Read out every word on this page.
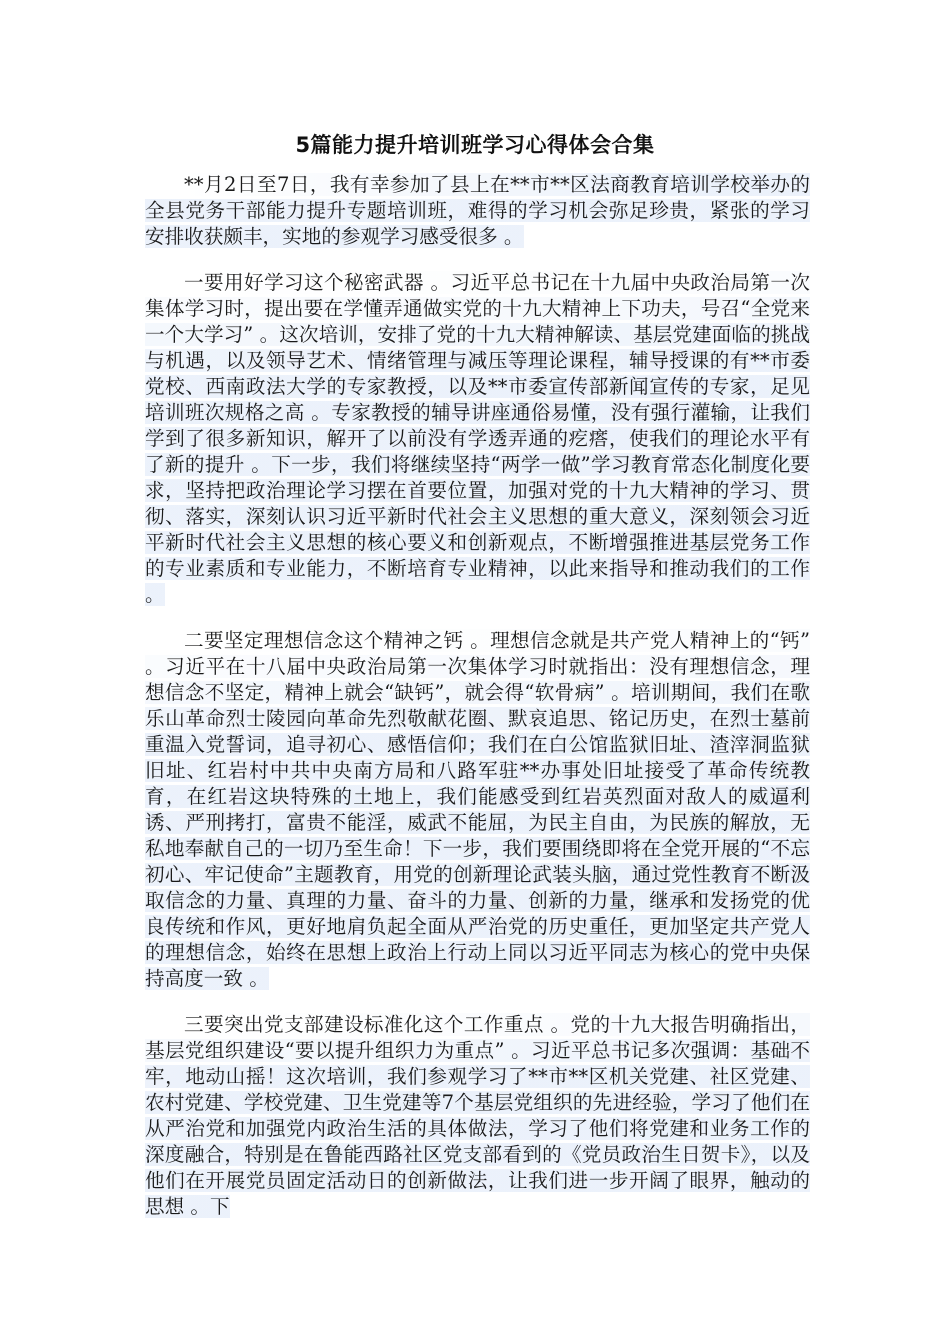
5篇能力提升培训班学习心得体会合集

**月2日至7日，我有幸参加了县上在**市**区法商教育培训学校举办的全县党务干部能力提升专题培训班，难得的学习机会弥足珍贵，紧张的学习安排收获颇丰，实地的参观学习感受很多 。

一要用好学习这个秘密武器 。习近平总书记在十九届中央政治局第一次集体学习时，提出要在学懂弄通做实党的十九大精神上下功夫，号召“全党来一个大学习” 。这次培训，安排了党的十九大精神解读、基层党建面临的挑战与机遇，以及领导艺术、情绪管理与减压等理论课程，辅导授课的有**市委党校、西南政法大学的专家教授，以及**市委宣传部新闻宣传的专家，足见培训班次规格之高 。专家教授的辅导讲座通俗易懂，没有强行灌输，让我们学到了很多新知识，解开了以前没有学透弄通的疙瘩，使我们的理论水平有了新的提升 。下一步，我们将继续坚持“两学一做”学习教育常态化制度化要求，坚持把政治理论学习摆在首要位置，加强对党的十九大精神的学习、贯彻、落实，深刻认识习近平新时代社会主义思想的重大意义，深刻领会习近平新时代社会主义思想的核心要义和创新观点，不断增强推进基层党务工作的专业素质和专业能力，不断培育专业精神，以此来指导和推动我们的工作 。

二要坚定理想信念这个精神之钙 。理想信念就是共产党人精神上的“钙” 。习近平在十八届中央政治局第一次集体学习时就指出：没有理想信念，理想信念不坚定，精神上就会“缺钙”，就会得“软骨病” 。培训期间，我们在歌乐山革命烈士陵园向革命先烈敬献花圈、默哀追思、铭记历史，在烈士墓前重温入党誓词，追寻初心、感悟信仰；我们在白公馆监狱旧址、渣滓洞监狱旧址、红岩村中共中央南方局和八路军驻**办事处旧址接受了革命传统教育，在红岩这块特殊的土地上，我们能感受到红岩英烈面对敌人的威逼利诱、严刑拷打，富贵不能淫，威武不能屈，为民主自由，为民族的解放，无私地奉献自己的一切乃至生命！下一步，我们要围绕即将在全党开展的“不忘初心、牢记使命”主题教育，用党的创新理论武装头脑，通过党性教育不断汲取信念的力量、真理的力量、奋斗的力量、创新的力量，继承和发扬党的优良传统和作风，更好地肩负起全面从严治党的历史重任，更加坚定共产党人的理想信念，始终在思想上政治上行动上同以习近平同志为核心的党中央保持高度一致 。

三要突出党支部建设标准化这个工作重点 。党的十九大报告明确指出，基层党组织建设“要以提升组织力为重点” 。习近平总书记多次强调：基础不牢，地动山摇！这次培训，我们参观学习了**市**区机关党建、社区党建、农村党建、学校党建、卫生党建等7个基层党组织的先进经验，学习了他们在从严治党和加强党内政治生活的具体做法，学习了他们将党建和业务工作的深度融合，特别是在鲁能西路社区党支部看到的《党员政治生日贺卡》，以及他们在开展党员固定活动日的创新做法，让我们进一步开阔了眼界，触动的思想 。下
